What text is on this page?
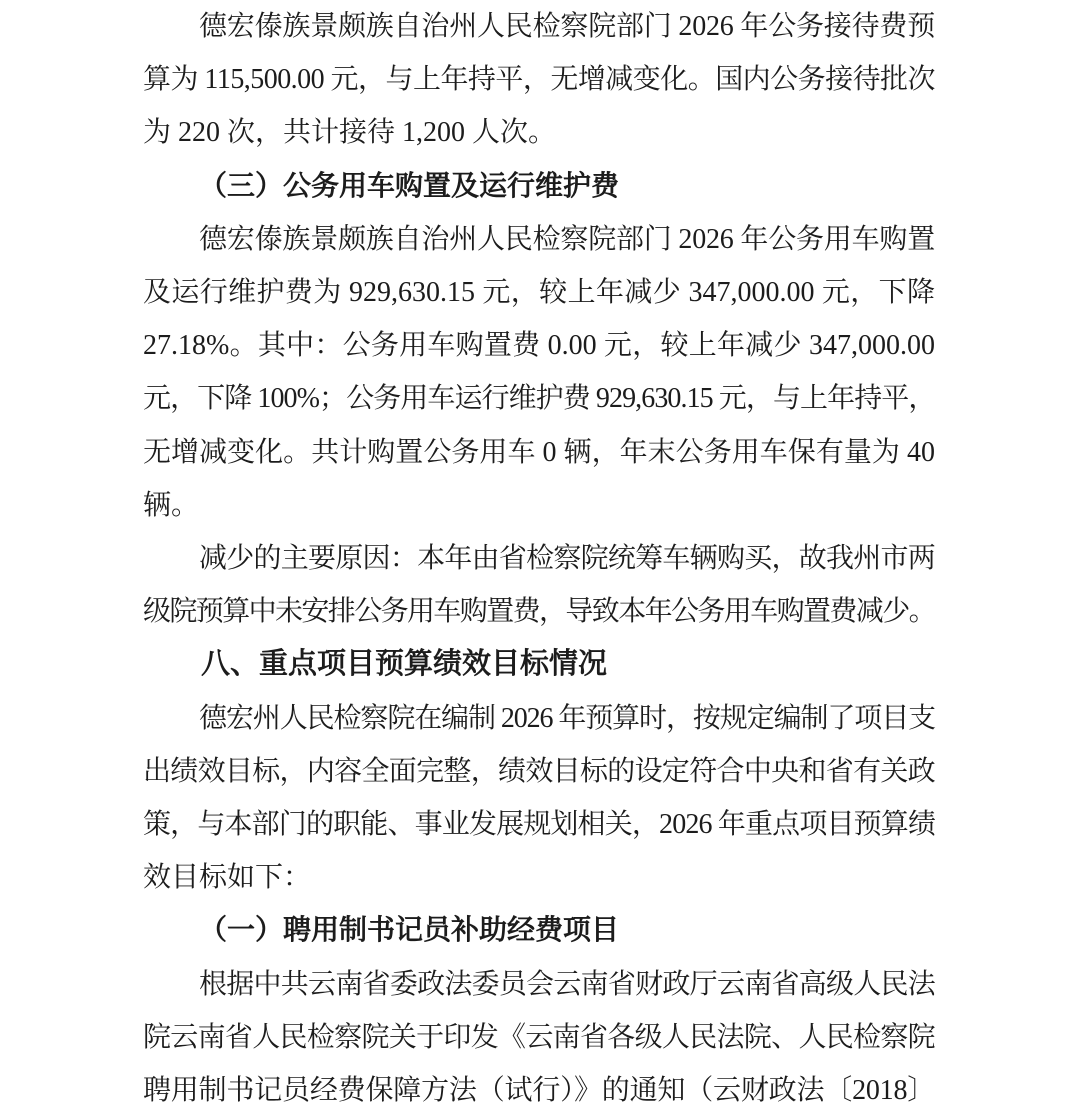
德宏傣族景颇族自治州人民检察院部门 2026 年公务接待费预
算为 115,500.00 元，与上年持平，无增减变化。国内公务接待批次
为 220 次，共计接待 1,200 人次。
（三）公务用车购置及运行维护费
德宏傣族景颇族自治州人民检察院部门 2026 年公务用车购置
及运行维护费为 929,630.15 元，较上年减少 347,000.00 元，下降
27.18%。其中：公务用车购置费 0.00 元，较上年减少 347,000.00
元，下降 100%；公务用车运行维护费 929,630.15 元，与上年持平，
无增减变化。共计购置公务用车 0 辆，年末公务用车保有量为 40
辆。
减少的主要原因：本年由省检察院统筹车辆购买，故我州市两
级院预算中未安排公务用车购置费，导致本年公务用车购置费减少。
八、重点项目预算绩效目标情况
德宏州人民检察院在编制 2026 年预算时，按规定编制了项目支
出绩效目标，内容全面完整，绩效目标的设定符合中央和省有关政
策，与本部门的职能、事业发展规划相关，2026 年重点项目预算绩
效目标如下：
（一）聘用制书记员补助经费项目
根据中共云南省委政法委员会云南省财政厅云南省高级人民法
院云南省人民检察院关于印发《云南省各级人民法院、人民检察院
聘用制书记员经费保障方法（试行）》的通知（云财政法〔2018〕
